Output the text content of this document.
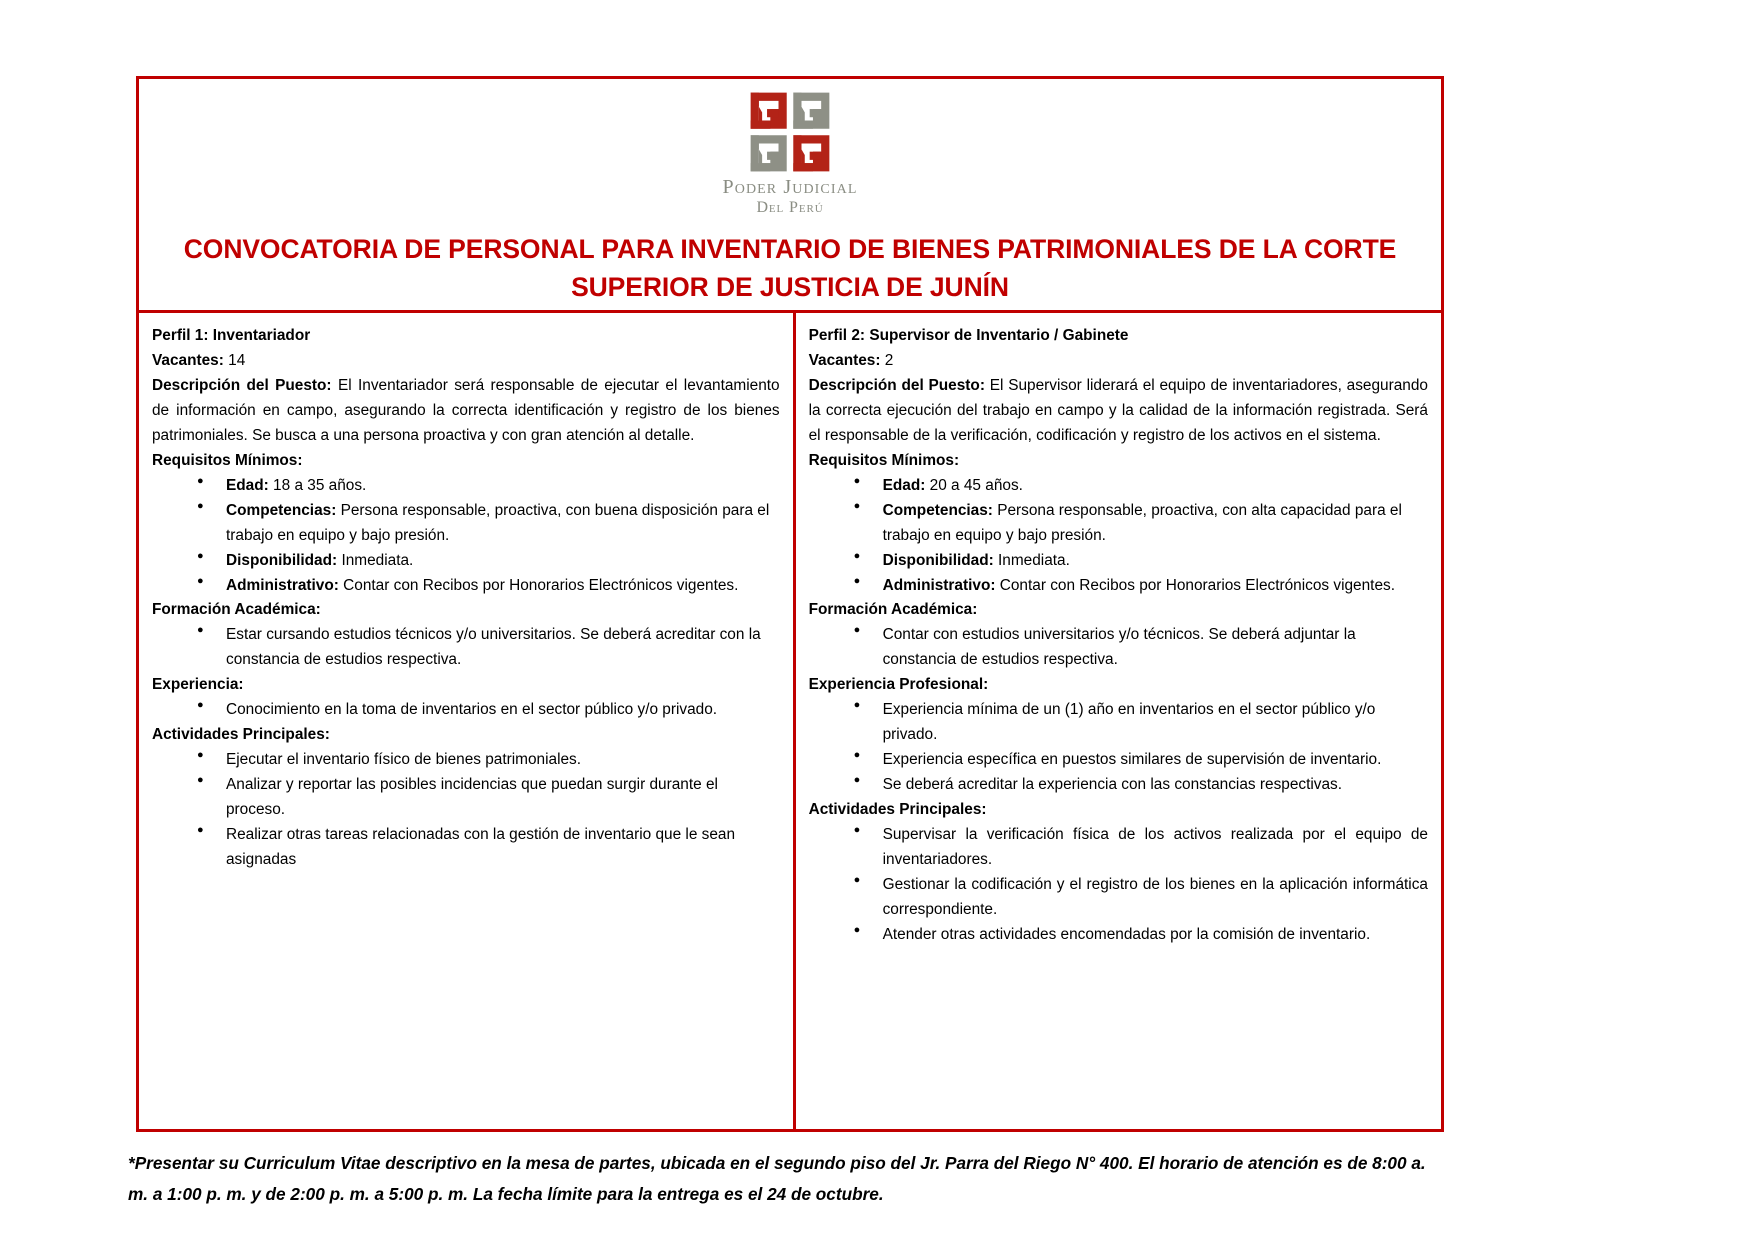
Poder Judicial
Del Perú
CONVOCATORIA DE PERSONAL PARA INVENTARIO DE BIENES PATRIMONIALES DE LA CORTE SUPERIOR DE JUSTICIA DE JUNÍN

Perfil 1: Inventariador

Vacantes: 14

Descripción del Puesto: El Inventariador será responsable de ejecutar el levantamiento de información en campo, asegurando la correcta identificación y registro de los bienes patrimoniales. Se busca a una persona proactiva y con gran atención al detalle.

Requisitos Mínimos:

● Edad: 18 a 35 años.
● Competencias: Persona responsable, proactiva, con buena disposición para el trabajo en equipo y bajo presión.
● Disponibilidad: Inmediata.
● Administrativo: Contar con Recibos por Honorarios Electrónicos vigentes.

Formación Académica:

● Estar cursando estudios técnicos y/o universitarios. Se deberá acreditar con la constancia de estudios respectiva.

Experiencia:

● Conocimiento en la toma de inventarios en el sector público y/o privado.

Actividades Principales:

● Ejecutar el inventario físico de bienes patrimoniales.
● Analizar y reportar las posibles incidencias que puedan surgir durante el proceso.
● Realizar otras tareas relacionadas con la gestión de inventario que le sean asignadas

Perfil 2: Supervisor de Inventario / Gabinete

Vacantes: 2

Descripción del Puesto: El Supervisor liderará el equipo de inventariadores, asegurando la correcta ejecución del trabajo en campo y la calidad de la información registrada. Será el responsable de la verificación, codificación y registro de los activos en el sistema.

Requisitos Mínimos:

● Edad: 20 a 45 años.
● Competencias: Persona responsable, proactiva, con alta capacidad para el trabajo en equipo y bajo presión.
● Disponibilidad: Inmediata.
● Administrativo: Contar con Recibos por Honorarios Electrónicos vigentes.

Formación Académica:

● Contar con estudios universitarios y/o técnicos. Se deberá adjuntar la constancia de estudios respectiva.

Experiencia Profesional:

● Experiencia mínima de un (1) año en inventarios en el sector público y/o privado.
● Experiencia específica en puestos similares de supervisión de inventario.
● Se deberá acreditar la experiencia con las constancias respectivas.

Actividades Principales:

● Supervisar la verificación física de los activos realizada por el equipo de inventariadores.
● Gestionar la codificación y el registro de los bienes en la aplicación informática correspondiente.
● Atender otras actividades encomendadas por la comisión de inventario.
*Presentar su Curriculum Vitae descriptivo en la mesa de partes, ubicada en el segundo piso del Jr. Parra del Riego N° 400. El horario de atención es de 8:00 a. m. a 1:00 p. m. y de 2:00 p. m. a 5:00 p. m. La fecha límite para la entrega es el 24 de octubre.
